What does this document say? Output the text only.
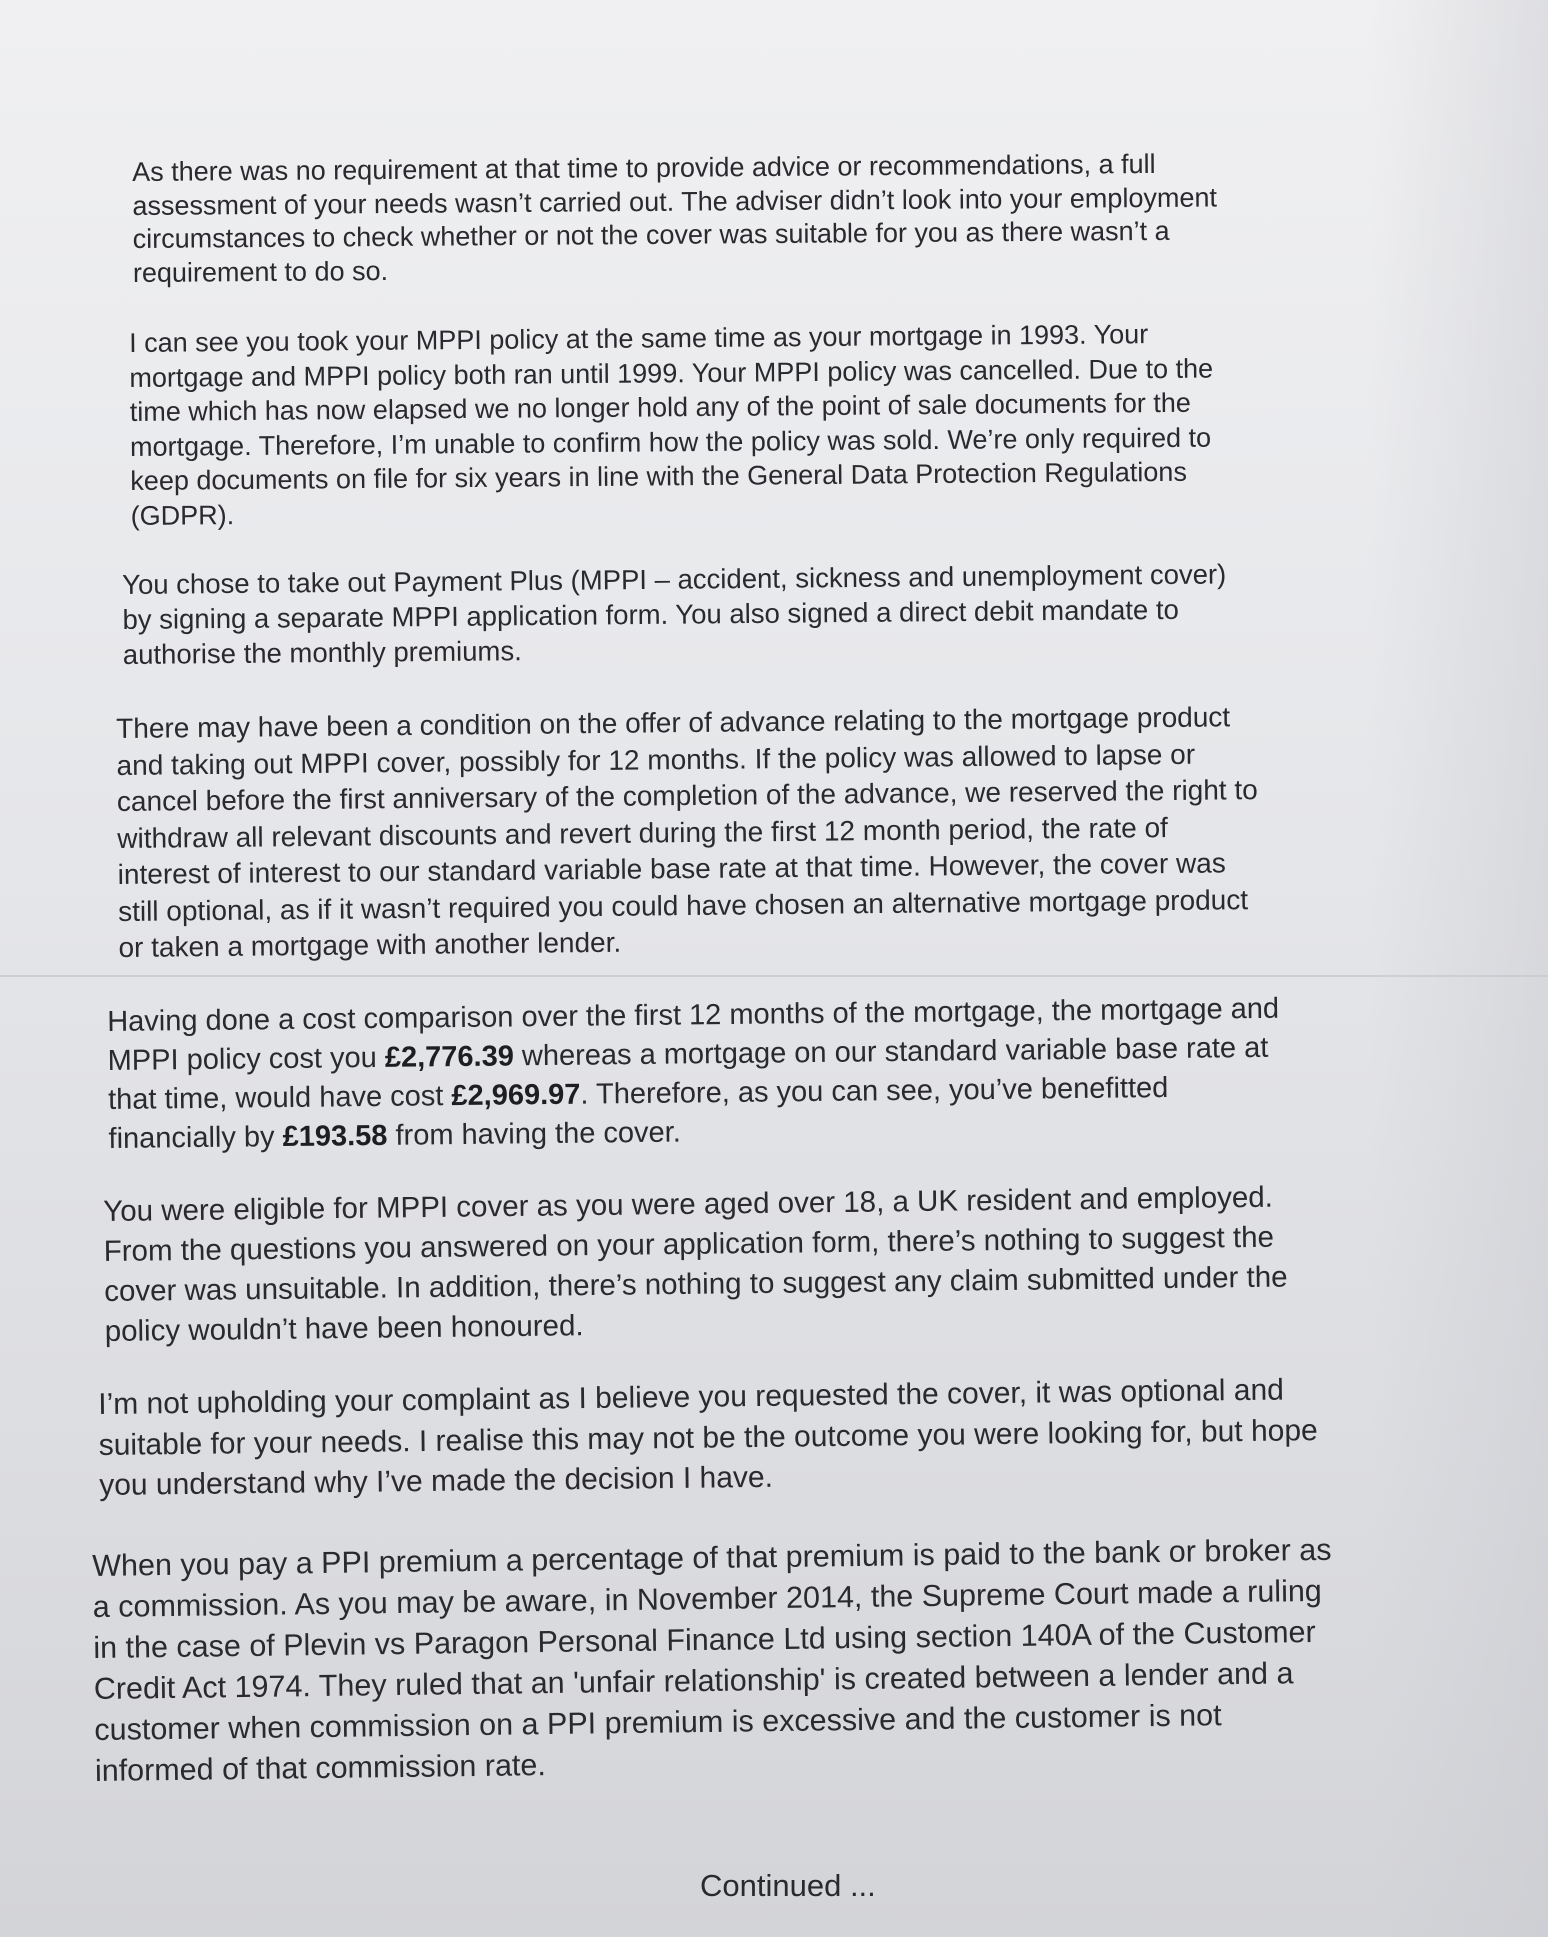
As there was no requirement at that time to provide advice or recommendations, a full
assessment of your needs wasn’t carried out. The adviser didn’t look into your employment
circumstances to check whether or not the cover was suitable for you as there wasn’t a
requirement to do so.

I can see you took your MPPI policy at the same time as your mortgage in 1993. Your
mortgage and MPPI policy both ran until 1999. Your MPPI policy was cancelled. Due to the
time which has now elapsed we no longer hold any of the point of sale documents for the
mortgage. Therefore, I’m unable to confirm how the policy was sold. We’re only required to
keep documents on file for six years in line with the General Data Protection Regulations
(GDPR).

You chose to take out Payment Plus (MPPI – accident, sickness and unemployment cover)
by signing a separate MPPI application form. You also signed a direct debit mandate to
authorise the monthly premiums.

There may have been a condition on the offer of advance relating to the mortgage product
and taking out MPPI cover, possibly for 12 months. If the policy was allowed to lapse or
cancel before the first anniversary of the completion of the advance, we reserved the right to
withdraw all relevant discounts and revert during the first 12 month period, the rate of
interest of interest to our standard variable base rate at that time. However, the cover was
still optional, as if it wasn’t required you could have chosen an alternative mortgage product
or taken a mortgage with another lender.

Having done a cost comparison over the first 12 months of the mortgage, the mortgage and
MPPI policy cost you £2,776.39 whereas a mortgage on our standard variable base rate at
that time, would have cost £2,969.97. Therefore, as you can see, you’ve benefitted
financially by £193.58 from having the cover.

You were eligible for MPPI cover as you were aged over 18, a UK resident and employed.
From the questions you answered on your application form, there’s nothing to suggest the
cover was unsuitable. In addition, there’s nothing to suggest any claim submitted under the
policy wouldn’t have been honoured.

I’m not upholding your complaint as I believe you requested the cover, it was optional and
suitable for your needs. I realise this may not be the outcome you were looking for, but hope
you understand why I’ve made the decision I have.

When you pay a PPI premium a percentage of that premium is paid to the bank or broker as
a commission. As you may be aware, in November 2014, the Supreme Court made a ruling
in the case of Plevin vs Paragon Personal Finance Ltd using section 140A of the Customer
Credit Act 1974. They ruled that an 'unfair relationship' is created between a lender and a
customer when commission on a PPI premium is excessive and the customer is not
informed of that commission rate.

Continued ...
